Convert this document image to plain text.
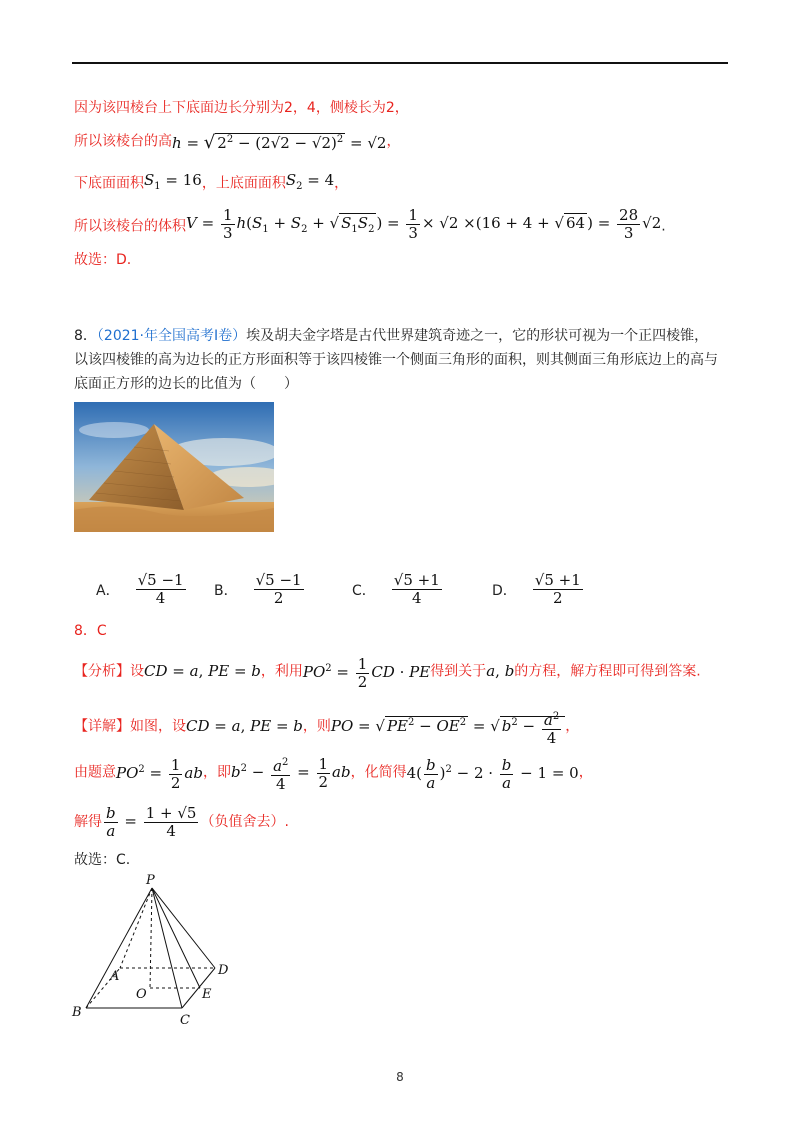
因为该四棱台上下底面边长分别为2，4，侧棱长为2，
所以该棱台的高h = √ $2^2 - (2√2 - √2)^2 = √2$，
下底面面积$S_1 = 16$，上底面面积$S_2 = 4$，
所以该棱台的体积$V = \frac{1}{3} h(S_1 + S_2$ + √ $S_1S_2$ ) = $\frac{1}{3} \times √2 \times(16 + 4$ + √ 64 ) = $\frac{28}{3} √2$.
故选：D.
8．（2021·年全国高考Ⅰ卷）埃及胡夫金字塔是古代世界建筑奇迹之一，它的形状可视为一个正四棱锥，
以该四棱锥的高为边长的正方形面积等于该四棱锥一个侧面三角形的面积，则其侧面三角形底边上的高与
底面正方形的边长的比值为（　　）
A． $\frac{√5 -1}{4}$ B． $\frac{√5 -1}{2}$	C． $\frac{√5 +1}{4}$	D． $\frac{√5 +1}{2}$
8．C
【分析】设CD = a, PE = b，利用$PO^2 = \frac{1}{2}$ CD · PE得到关于a, b的方程，解方程即可得到答案.
【详解】如图，设CD = a, PE = b，则PO = √ $PE^2 - OE^2$ = √ $b^2 - \frac{a^2}{4}$ ，
由题意$PO^2 = \frac{1}{2}$ ab，即$b^2 - \frac{a^2}{4} = \frac{1}{2}$ ab，化简得$4( \frac{b}{a} )^2 - 2 \cdot \frac{b}{a} - 1 = 0$，
解得 $\frac{b}{a} = \frac{1 + √5}{4}$ （负值舍去）.
故选：C.
P
A
B
C
D
E
O
8
